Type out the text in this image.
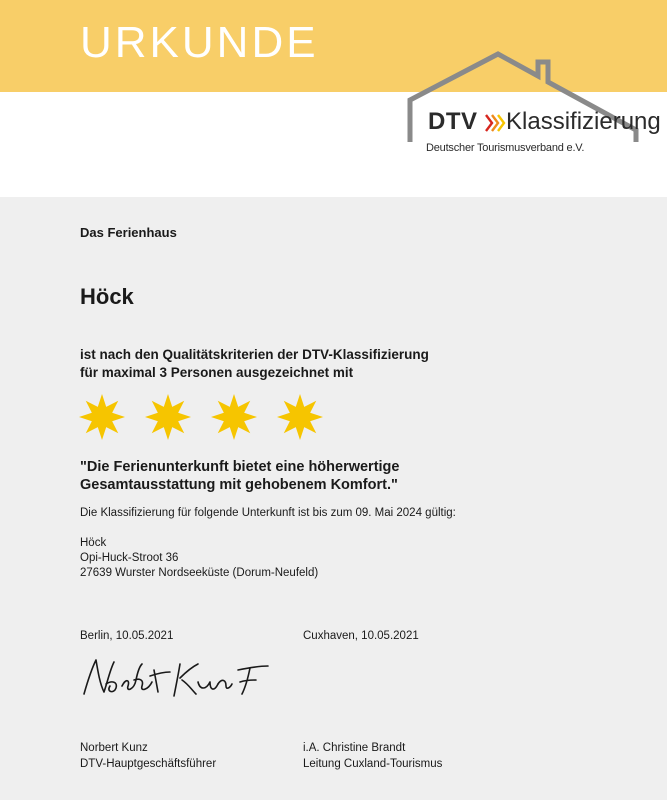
URKUNDE
DTV Klassifizierung
Deutscher Tourismusverband e.V.
Das Ferienhaus
Höck
ist nach den Qualitätskriterien der DTV-Klassifizierung
für maximal 3 Personen ausgezeichnet mit
"Die Ferienunterkunft bietet eine höherwertige
Gesamtausstattung mit gehobenem Komfort."
Die Klassifizierung für folgende Unterkunft ist bis zum 09. Mai 2024 gültig:
Höck
Opi-Huck-Stroot 36
27639 Wurster Nordseeküste (Dorum-Neufeld)
Berlin, 10.05.2021	Cuxhaven, 10.05.2021
Norbert Kunz
DTV-Hauptgeschäftsführer
i.A. Christine Brandt
Leitung Cuxland-Tourismus
